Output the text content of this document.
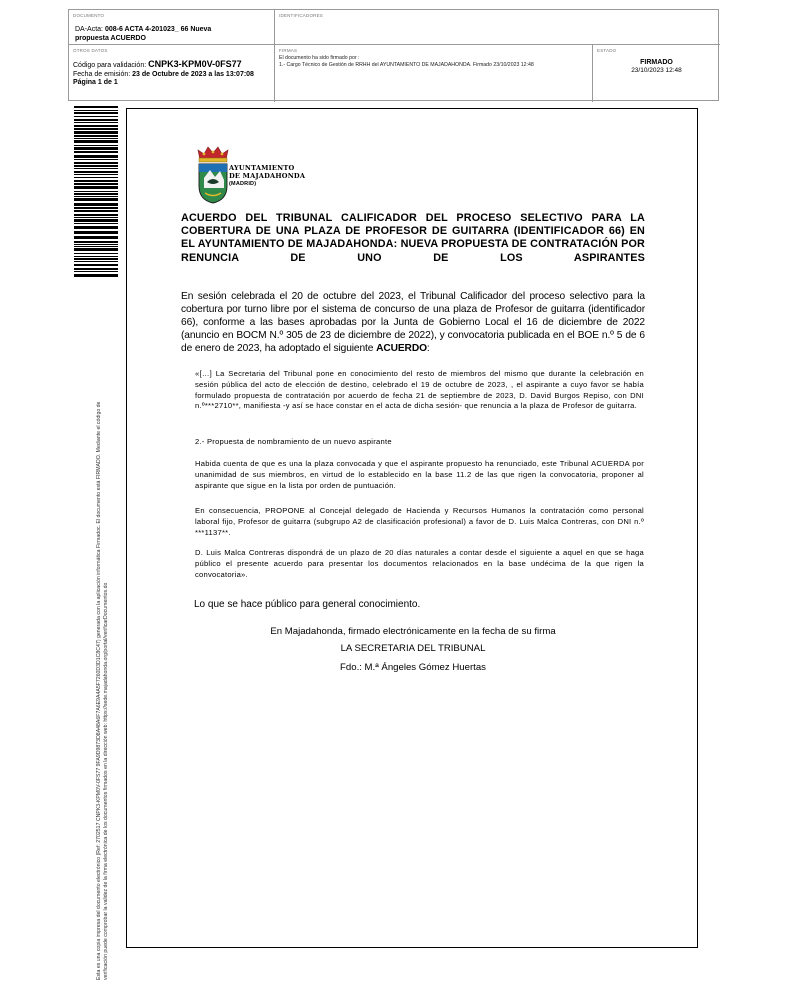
DOCUMENTO
DA-Acta: 008-6 ACTA 4-201023_ 66 Nueva propuesta ACUERDO
IDENTIFICADORES
OTROS DATOS
Código para validación: CNPK3-KPM0V-0FS77
Fecha de emisión: 23 de Octubre de 2023 a las 13:07:08
Página 1 de 1
FIRMAS
El documento ha sido firmado por :
1.- Cargo Técnico de Gestión de RRHH del AYUNTAMIENTO DE MAJADAHONDA. Firmado 23/10/2023 12:48
ESTADO
FIRMADO
23/10/2023 12:48
Esta es una copia impresa del documento electrónico (Ref: 2702517 CNPK3-KPM0V-0FS77 9FA9D9873D8A48A6F7A6E9A4A5F7260D3D1C8C47) generada con la aplicación informática Firmadoc. El documento está FIRMADO. Mediante el código de verificación puede comprobar la validez de la firma electrónica de los documentos firmados en la dirección web: https://sede.majadahonda.org/portal/verificarDocumentos.do
AYUNTAMIENTO
DE MAJADAHONDA
(MADRID)
ACUERDO DEL TRIBUNAL CALIFICADOR DEL PROCESO SELECTIVO PARA LA COBERTURA DE UNA PLAZA DE PROFESOR DE GUITARRA (IDENTIFICADOR 66) EN EL AYUNTAMIENTO DE MAJADAHONDA: NUEVA PROPUESTA DE CONTRATACIÓN POR RENUNCIA DE UNO DE LOS ASPIRANTES
En sesión celebrada el 20 de octubre del 2023, el Tribunal Calificador del proceso selectivo para la cobertura por turno libre por el sistema de concurso de una plaza de Profesor de guitarra (identificador 66), conforme a las bases aprobadas por la Junta de Gobierno Local el 16 de diciembre de 2022 (anuncio en BOCM N.º 305 de 23 de diciembre de 2022), y convocatoria publicada en el BOE n.º 5 de 6 de enero de 2023, ha adoptado el siguiente ACUERDO:
«[…] La Secretaria del Tribunal pone en conocimiento del resto de miembros del mismo que durante la celebración en sesión pública del acto de elección de destino, celebrado el 19 de octubre de 2023, , el aspirante a cuyo favor se había formulado propuesta de contratación por acuerdo de fecha 21 de septiembre de 2023, D. David Burgos Repiso, con DNI n.º***2710**, manifiesta -y así se hace constar en el acta de dicha sesión- que renuncia a la plaza de Profesor de guitarra.
2.- Propuesta de nombramiento de un nuevo aspirante
Habida cuenta de que es una la plaza convocada y que el aspirante propuesto ha renunciado, este Tribunal ACUERDA por unanimidad de sus miembros, en virtud de lo establecido en la base 11.2 de las que rigen la convocatoria, proponer al aspirante que sigue en la lista por orden de puntuación.
En consecuencia, PROPONE al Concejal delegado de Hacienda y Recursos Humanos la contratación como personal laboral fijo, Profesor de guitarra (subgrupo A2 de clasificación profesional) a favor de D. Luis Malca Contreras, con DNI n.º ***1137**.
D. Luis Malca Contreras dispondrá de un plazo de 20 días naturales a contar desde el siguiente a aquel en que se haga público el presente acuerdo para presentar los documentos relacionados en la base undécima de la que rigen la convocatoria».
Lo que se hace público para general conocimiento.
En Majadahonda, firmado electrónicamente en la fecha de su firma
LA SECRETARIA DEL TRIBUNAL
Fdo.: M.ª Ángeles Gómez Huertas
